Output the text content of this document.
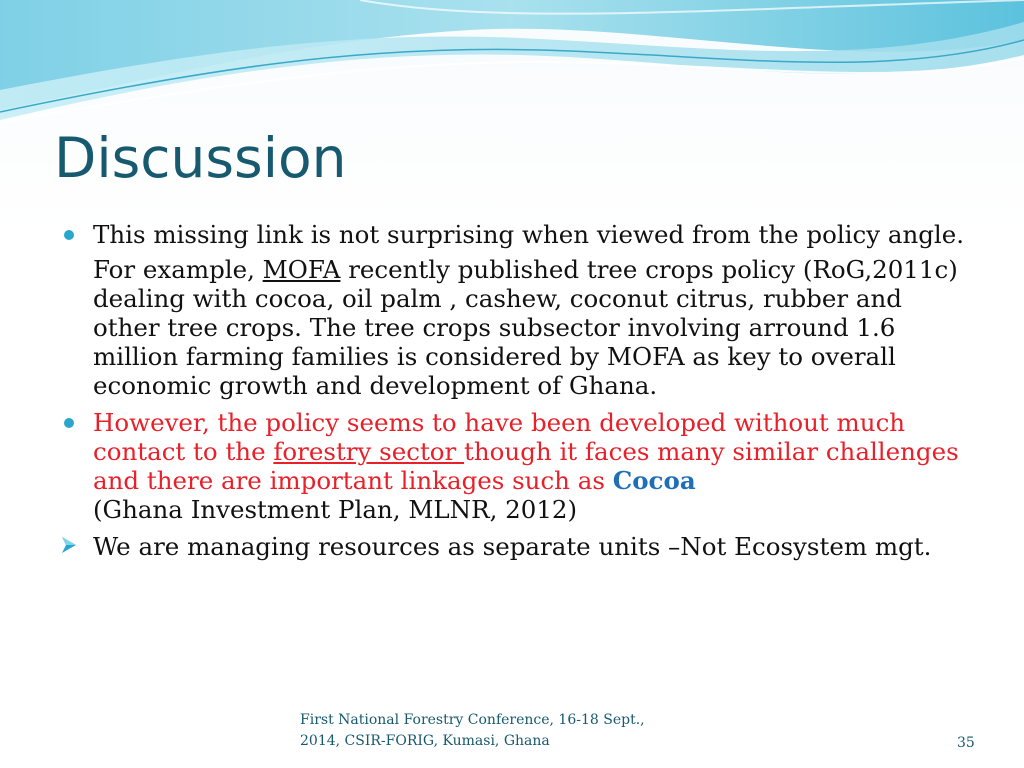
Discussion
This missing link is not surprising when viewed from the policy angle.
For example, MOFA recently published tree crops policy (RoG,2011c) dealing with cocoa, oil palm , cashew, coconut citrus, rubber and other tree crops. The tree crops subsector involving arround 1.6 million farming families is considered by MOFA as key to overall economic growth and development of Ghana.
However, the policy seems to have been developed without much contact to the forestry sector though it faces many similar challenges and there are important linkages such as Cocoa
(Ghana Investment Plan, MLNR, 2012)
We are managing resources as separate units –Not Ecosystem mgt.
First National Forestry Conference, 16-18 Sept., 2014, CSIR-FORIG, Kumasi, Ghana	35
